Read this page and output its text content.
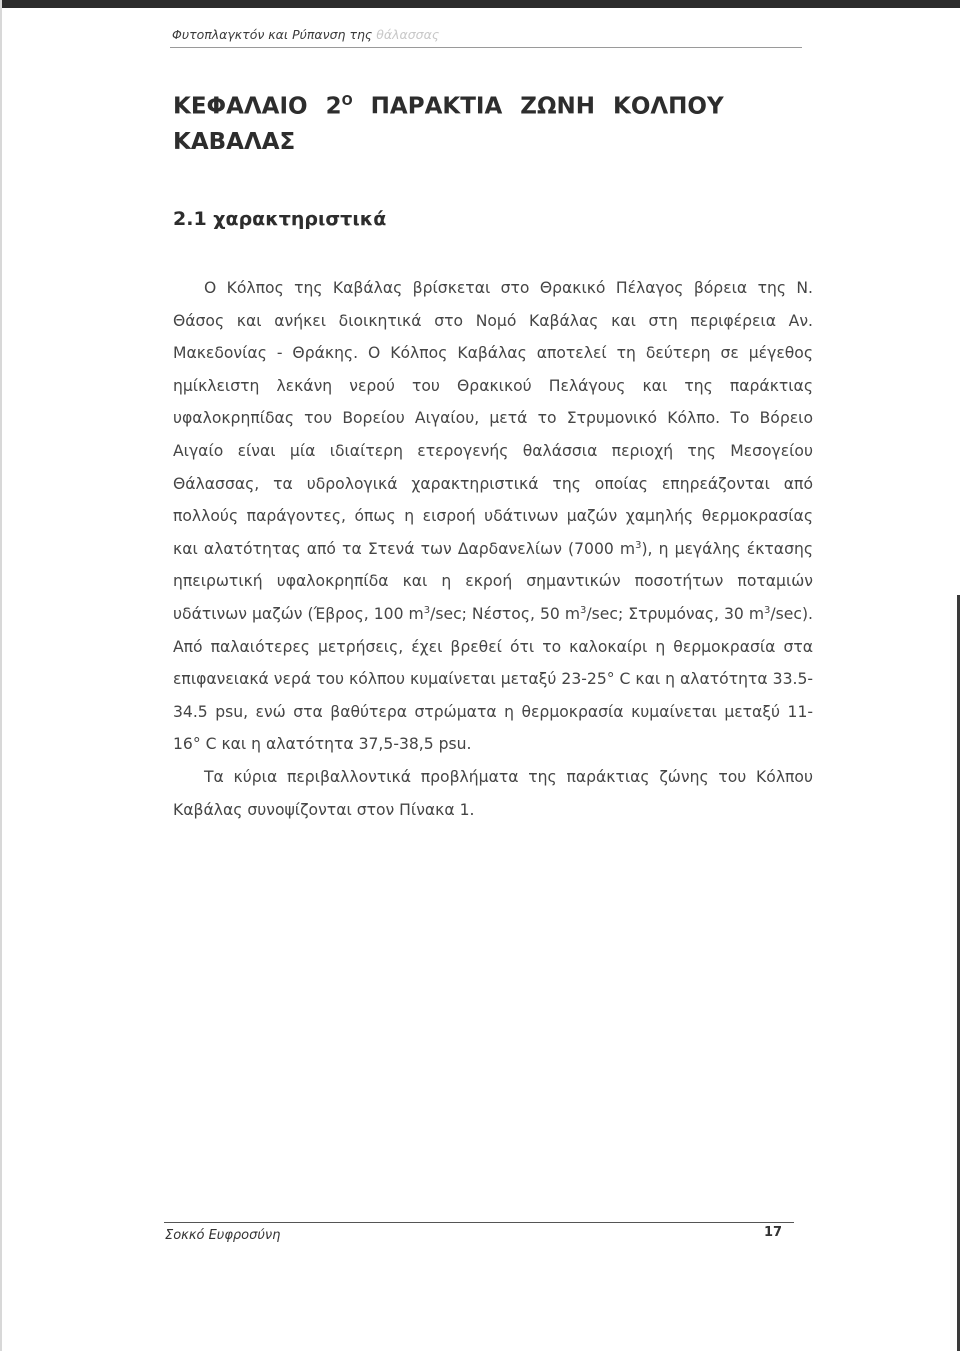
Φυτοπλαγκτόν και Ρύπανση της θάλασσας
ΚΕΦΑΛΑΙΟ $2^O$ ΠΑΡΑΚΤΙΑ ΖΩΝΗ ΚΟΛΠΟΥ ΚΑΒΑΛΑΣ
2.1 χαρακτηριστικά

Ο Κόλπος της Καβάλας βρίσκεται στο Θρακικό Πέλαγος βόρεια της Ν. Θάσος και ανήκει διοικητικά στο Νομό Καβάλας και στη περιφέρεια Αν. Μακεδονίας - Θράκης. Ο Κόλπος Καβάλας αποτελεί τη δεύτερη σε μέγεθος ημίκλειστη λεκάνη νερού του Θρακικού Πελάγους και της παράκτιας υφαλοκρηπίδας του Βορείου Αιγαίου, μετά το Στρυμονικό Κόλπο. Το Βόρειο Αιγαίο είναι μία ιδιαίτερη ετερογενής θαλάσσια περιοχή της Μεσογείου Θάλασσας, τα υδρολογικά χαρακτηριστικά της οποίας επηρεάζονται από πολλούς παράγοντες, όπως η εισροή υδάτινων μαζών χαμηλής θερμοκρασίας και αλατότητας από τα Στενά των Δαρδανελίων (7000 $m^3$), η μεγάλης έκτασης ηπειρωτική υφαλοκρηπίδα και η εκροή σημαντικών ποσοτήτων ποταμιών υδάτινων μαζών (Έβρος, 100 $m^3/\sec$; Νέστος, 50 $m^3/\sec$; Στρυμόνας, 30 $m^3/\sec$). Από παλαιότερες μετρήσεις, έχει βρεθεί ότι το καλοκαίρι η θερμοκρασία στα επιφανειακά νερά του κόλπου κυμαίνεται μεταξύ 23-25° C και η αλατότητα 33.5-34.5 psu, ενώ στα βαθύτερα στρώματα η θερμοκρασία κυμαίνεται μεταξύ 11-16° C και η αλατότητα 37,5-38,5 psu.

Τα κύρια περιβαλλοντικά προβλήματα της παράκτιας ζώνης του Κόλπου Καβάλας συνοψίζονται στον Πίνακα 1.

Σοκκό Ευφροσύνη	17
